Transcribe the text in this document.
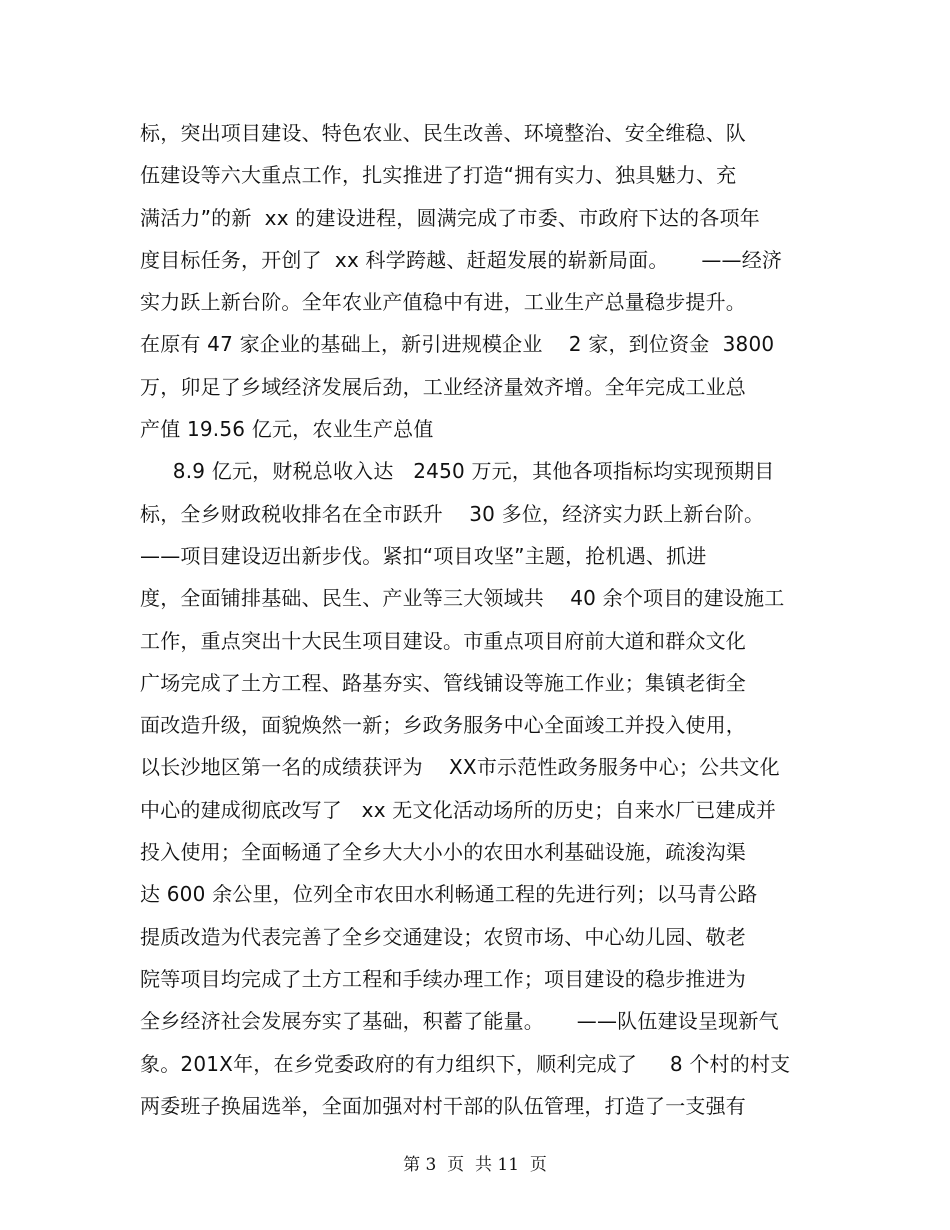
标，突出项目建设、特色农业、民生改善、环境整治、安全维稳、队
伍建设等六大重点工作，扎实推进了打造“拥有实力、独具魅力、充
满活力”的新  xx 的建设进程，圆满完成了市委、市政府下达的各项年
度目标任务，开创了  xx 科学跨越、赶超发展的崭新局面。     ——经济
实力跃上新台阶。全年农业产值稳中有进，工业生产总量稳步提升。
在原有 47 家企业的基础上，新引进规模企业    2 家，到位资金  3800
万，卯足了乡域经济发展后劲，工业经济量效齐增。全年完成工业总
产值 19.56 亿元，农业生产总值
8.9 亿元，财税总收入达   2450 万元，其他各项指标均实现预期目
标，全乡财政税收排名在全市跃升    30 多位，经济实力跃上新台阶。
——项目建设迈出新步伐。紧扣“项目攻坚”主题，抢机遇、抓进
度，全面铺排基础、民生、产业等三大领域共    40 余个项目的建设施工
工作，重点突出十大民生项目建设。市重点项目府前大道和群众文化
广场完成了土方工程、路基夯实、管线铺设等施工作业；集镇老街全
面改造升级，面貌焕然一新；乡政务服务中心全面竣工并投入使用，
以长沙地区第一名的成绩获评为    XX市示范性政务服务中心；公共文化
中心的建成彻底改写了   xx 无文化活动场所的历史；自来水厂已建成并
投入使用；全面畅通了全乡大大小小的农田水利基础设施，疏浚沟渠
达 600 余公里，位列全市农田水利畅通工程的先进行列；以马青公路
提质改造为代表完善了全乡交通建设；农贸市场、中心幼儿园、敬老
院等项目均完成了土方工程和手续办理工作；项目建设的稳步推进为
全乡经济社会发展夯实了基础，积蓄了能量。     ——队伍建设呈现新气
象。201X年，在乡党委政府的有力组织下，顺利完成了     8 个村的村支
两委班子换届选举，全面加强对村干部的队伍管理，打造了一支强有
第 3  页  共 11  页
